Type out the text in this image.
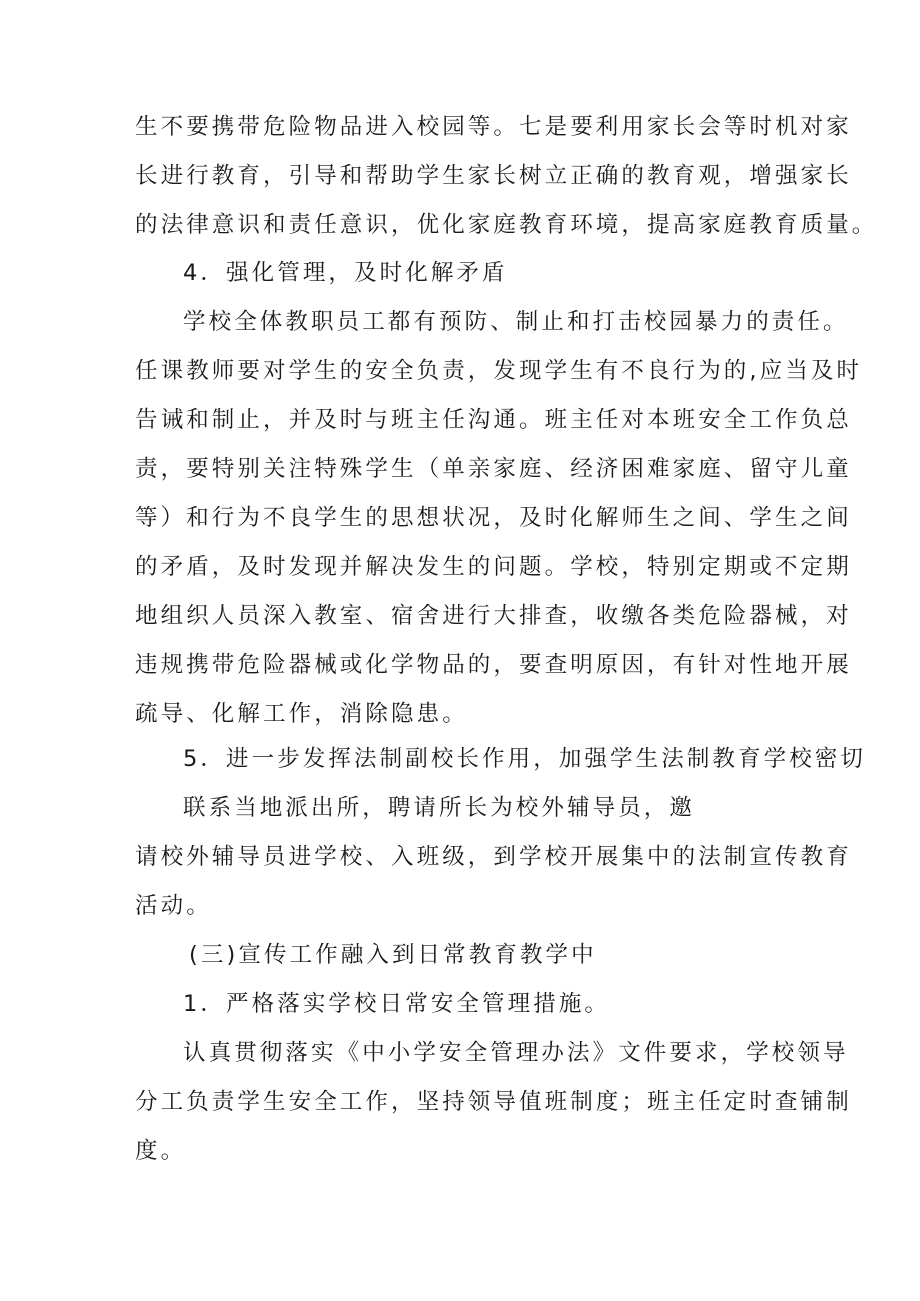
生不要携带危险物品进入校园等。七是要利用家长会等时机对家
长进行教育，引导和帮助学生家长树立正确的教育观，增强家长
的法律意识和责任意识，优化家庭教育环境，提高家庭教育质量。
4．强化管理，及时化解矛盾
学校全体教职员工都有预防、制止和打击校园暴力的责任。
任课教师要对学生的安全负责，发现学生有不良行为的,应当及时
告诫和制止，并及时与班主任沟通。班主任对本班安全工作负总
责，要特别关注特殊学生（单亲家庭、经济困难家庭、留守儿童
等）和行为不良学生的思想状况，及时化解师生之间、学生之间
的矛盾，及时发现并解决发生的问题。学校，特别定期或不定期
地组织人员深入教室、宿舍进行大排查，收缴各类危险器械，对
违规携带危险器械或化学物品的，要查明原因，有针对性地开展
疏导、化解工作，消除隐患。
5．进一步发挥法制副校长作用，加强学生法制教育学校密切
联系当地派出所，聘请所长为校外辅导员，邀
请校外辅导员进学校、入班级，到学校开展集中的法制宣传教育
活动。
(三)宣传工作融入到日常教育教学中
1．严格落实学校日常安全管理措施。
认真贯彻落实《中小学安全管理办法》文件要求，学校领导
分工负责学生安全工作，坚持领导值班制度；班主任定时查铺制
度。
